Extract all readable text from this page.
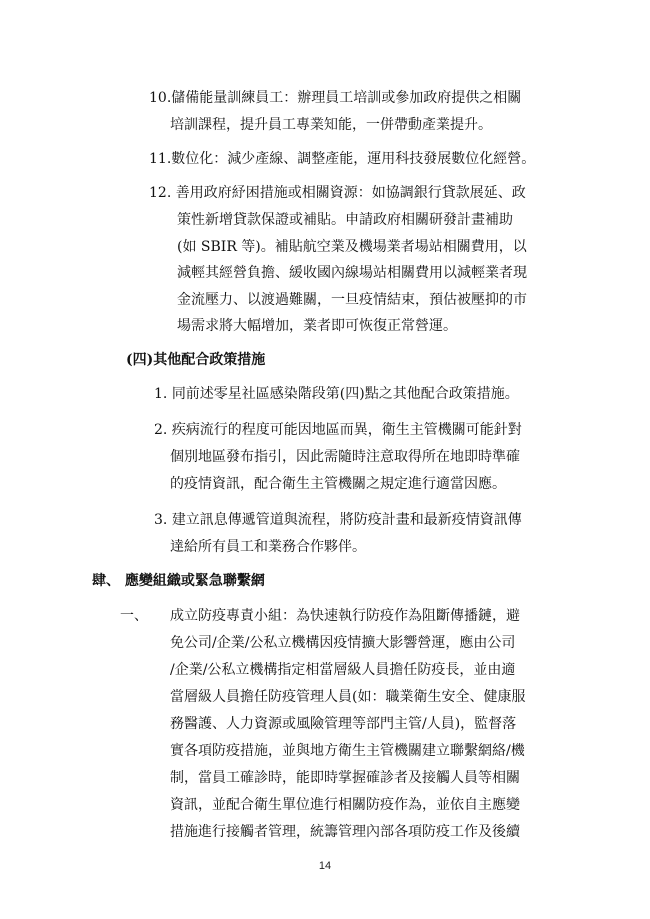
10.儲備能量訓練員工：辦理員工培訓或參加政府提供之相關
培訓課程，提升員工專業知能，一併帶動產業提升。
11.數位化：減少產線、調整產能，運用科技發展數位化經營。
12. 善用政府紓困措施或相關資源：如協調銀行貸款展延、政
策性新增貸款保證或補貼。申請政府相關研發計畫補助
(如 SBIR 等)。補貼航空業及機場業者場站相關費用，以
減輕其經營負擔、緩收國內線場站相關費用以減輕業者現
金流壓力、以渡過難關，一旦疫情結束，預估被壓抑的市
場需求將大幅增加，業者即可恢復正常營運。
(四)其他配合政策措施
1. 同前述零星社區感染階段第(四)點之其他配合政策措施。
2. 疾病流行的程度可能因地區而異，衛生主管機關可能針對
個別地區發布指引，因此需隨時注意取得所在地即時準確
的疫情資訊，配合衛生主管機關之規定進行適當因應。
3. 建立訊息傳遞管道與流程，將防疫計畫和最新疫情資訊傳
達給所有員工和業務合作夥伴。
肆、 應變組織或緊急聯繫網
一、 成立防疫專責小組：為快速執行防疫作為阻斷傳播鏈，避
免公司/企業/公私立機構因疫情擴大影響營運，應由公司
/企業/公私立機構指定相當層級人員擔任防疫長，並由適
當層級人員擔任防疫管理人員(如：職業衛生安全、健康服
務醫護、人力資源或風險管理等部門主管/人員)，監督落
實各項防疫措施，並與地方衛生主管機關建立聯繫網絡/機
制，當員工確診時，能即時掌握確診者及接觸人員等相關
資訊，並配合衛生單位進行相關防疫作為，並依自主應變
措施進行接觸者管理，統籌管理內部各項防疫工作及後續
14
